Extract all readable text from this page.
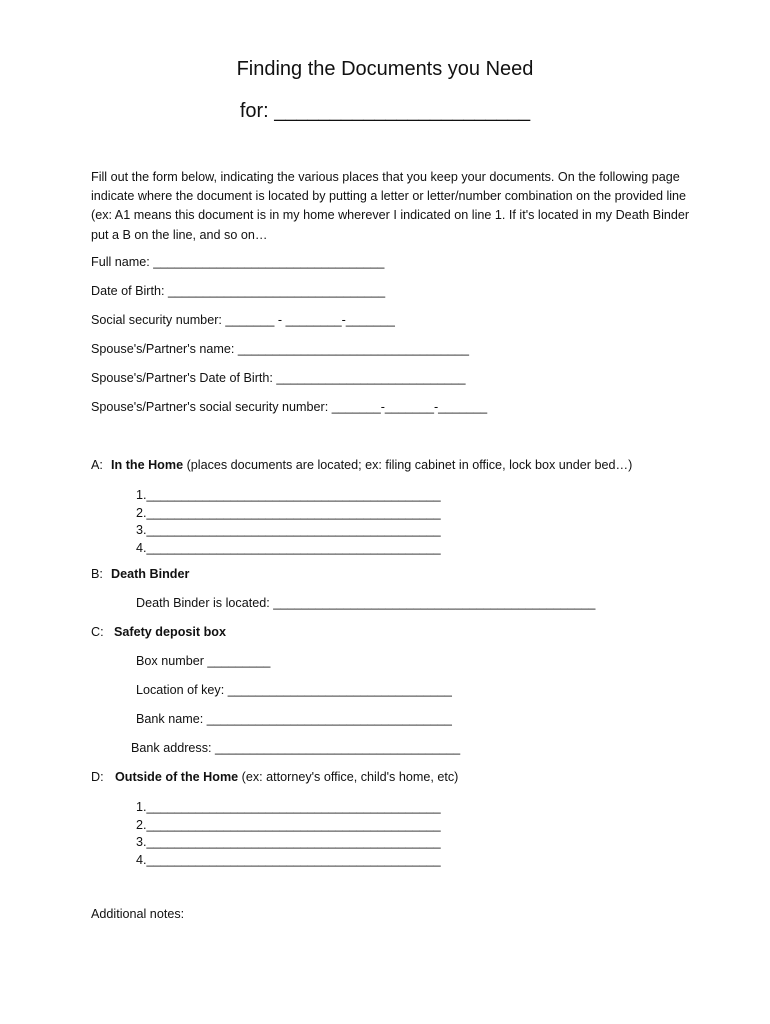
Finding the Documents you Need
for: _______________________
Fill out the form below, indicating the various places that you keep your documents. On the following page indicate where the document is located by putting a letter or letter/number combination on the provided line (ex: A1 means this document is in my home wherever I indicated on line 1. If it's located in my Death Binder put a B on the line, and so on…
Full name: _________________________________
Date of Birth: _______________________________
Social security number: _______ - ________-_______
Spouse's/Partner's name: _________________________________
Spouse's/Partner's Date of Birth: ___________________________
Spouse's/Partner's social security number: _______-_______-_______
A: In the Home (places documents are located; ex: filing cabinet in office, lock box under bed…)
1.__________________________________________
2.__________________________________________
3.__________________________________________
4.__________________________________________
B: Death Binder
Death Binder is located: ______________________________________________
C: Safety deposit box
Box number _________
Location of key: ________________________________
Bank name: ___________________________________
Bank address: ___________________________________
D: Outside of the Home (ex: attorney's office, child's home, etc)
1.__________________________________________
2.__________________________________________
3.__________________________________________
4.__________________________________________
Additional notes:
